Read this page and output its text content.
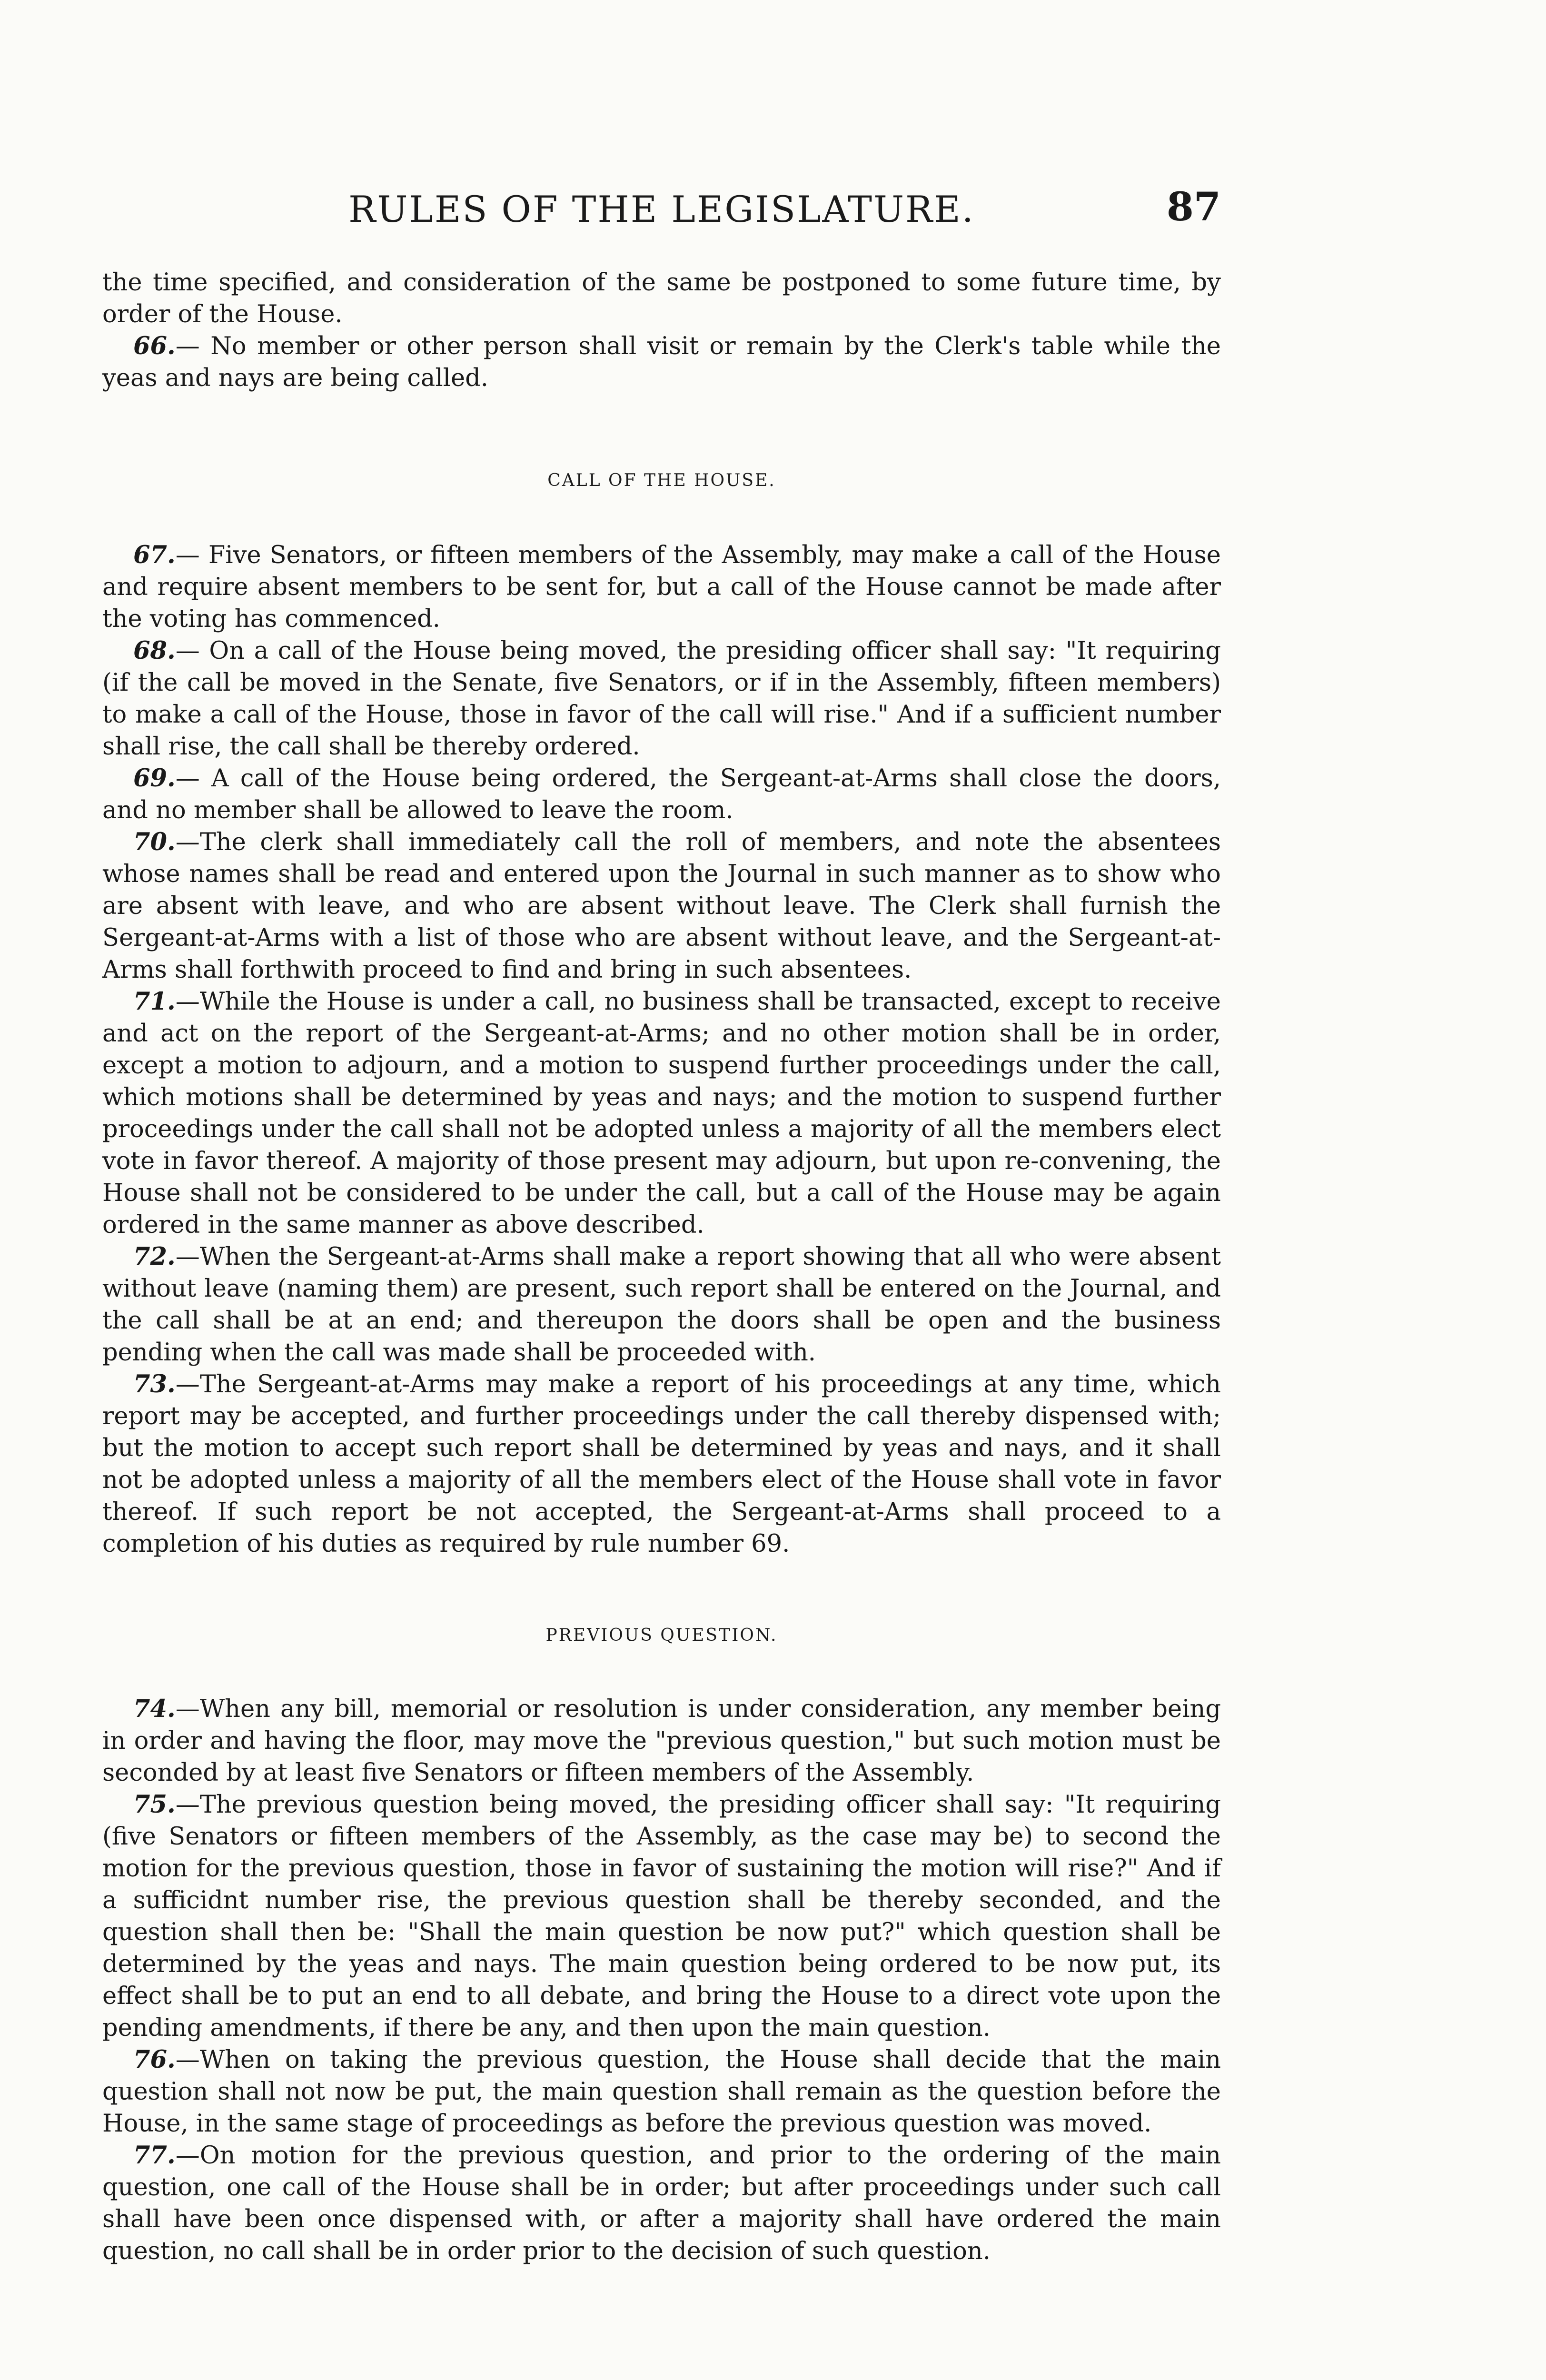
RULES OF THE LEGISLATURE.	87

the time specified, and consideration of the same be postponed to some future time, by order of the House.

66.— No member or other person shall visit or remain by the Clerk's table while the yeas and nays are being called.

CALL OF THE HOUSE.

67.— Five Senators, or fifteen members of the Assembly, may make a call of the House and require absent members to be sent for, but a call of the House cannot be made after the voting has commenced.

68.— On a call of the House being moved, the presiding officer shall say: "It requiring (if the call be moved in the Senate, five Senators, or if in the Assembly, fifteen members) to make a call of the House, those in favor of the call will rise." And if a sufficient number shall rise, the call shall be thereby ordered.

69.— A call of the House being ordered, the Sergeant-at-Arms shall close the doors, and no member shall be allowed to leave the room.

70.—The clerk shall immediately call the roll of members, and note the absentees whose names shall be read and entered upon the Journal in such manner as to show who are absent with leave, and who are absent without leave. The Clerk shall furnish the Sergeant-at-Arms with a list of those who are absent without leave, and the Sergeant-at-Arms shall forthwith proceed to find and bring in such absentees.

71.—While the House is under a call, no business shall be transacted, except to receive and act on the report of the Sergeant-at-Arms; and no other motion shall be in order, except a motion to adjourn, and a motion to suspend further proceedings under the call, which motions shall be determined by yeas and nays; and the motion to suspend further proceedings under the call shall not be adopted unless a majority of all the members elect vote in favor thereof. A majority of those present may adjourn, but upon re-convening, the House shall not be considered to be under the call, but a call of the House may be again ordered in the same manner as above described.

72.—When the Sergeant-at-Arms shall make a report showing that all who were absent without leave (naming them) are present, such report shall be entered on the Journal, and the call shall be at an end; and thereupon the doors shall be open and the business pending when the call was made shall be proceeded with.

73.—The Sergeant-at-Arms may make a report of his proceedings at any time, which report may be accepted, and further proceedings under the call thereby dispensed with; but the motion to accept such report shall be determined by yeas and nays, and it shall not be adopted unless a majority of all the members elect of the House shall vote in favor thereof. If such report be not accepted, the Sergeant-at-Arms shall proceed to a completion of his duties as required by rule number 69.

PREVIOUS QUESTION.

74.—When any bill, memorial or resolution is under consideration, any member being in order and having the floor, may move the "previous question," but such motion must be seconded by at least five Senators or fifteen members of the Assembly.

75.—The previous question being moved, the presiding officer shall say: "It requiring (five Senators or fifteen members of the Assembly, as the case may be) to second the motion for the previous question, those in favor of sustaining the motion will rise?" And if a sufficidnt number rise, the previous question shall be thereby seconded, and the question shall then be: "Shall the main question be now put?" which question shall be determined by the yeas and nays. The main question being ordered to be now put, its effect shall be to put an end to all debate, and bring the House to a direct vote upon the pending amendments, if there be any, and then upon the main question.

76.—When on taking the previous question, the House shall decide that the main question shall not now be put, the main question shall remain as the question before the House, in the same stage of proceedings as before the previous question was moved.

77.—On motion for the previous question, and prior to the ordering of the main question, one call of the House shall be in order; but after proceedings under such call shall have been once dispensed with, or after a majority shall have ordered the main question, no call shall be in order prior to the decision of such question.
